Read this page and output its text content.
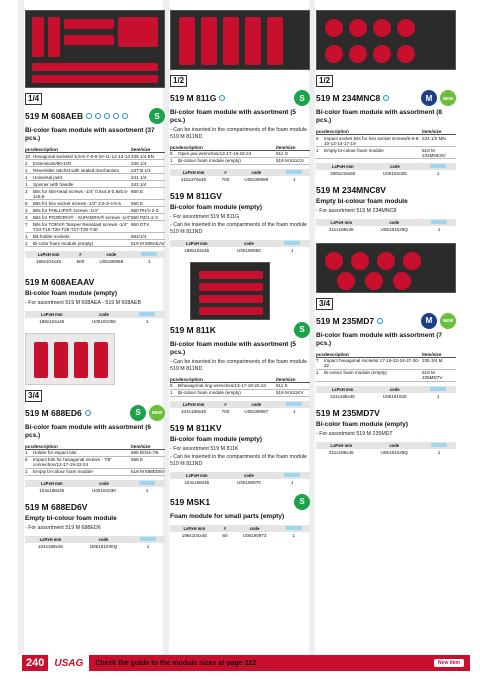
1/4
519 M 608AEB	S
Bi-color foam module with assortment (37 pcs.)
pcs	description	item/size
10	Hexagonal sockets/ 5,5-6-7-8-9-10-11-12-13-14	235 1/4 EN
2	Extensions/50-100	236 1/4
1	Reversible ratchet with sealed mechanism	237 B 1/4
1	Universal joint	241 1/4
1	Spinner with handle	243 1/4
3	Bits for slot-head screws -1/4" 0,6x4,5-0,8x5,5-1x5,5	660 E
5	Bits for hex socket screws -1/4" 2,5-3-4-5-6	660 E
3	Bits for PHILLIPS® screws -1/4"	660 PH/1-2-3
3	Bits for POZIDRIV® - SUPADRIV® screws -1/4"	660 PZ/1-2-3
7	Bits for TORX® Tamper Resistant screws -1/4" T10-T15-T20-T25-T27-T30-T40	660 DTX
1	Bit-holder sockets	684/1/4
1	Bi-color foam module (empty)	519 M 608AEAV
LxPxH mm	#	code	
188x104x45	500	U05190968	1
519 M 608AEAAV
Bi-color foam module (empty)
- For assortment 519 M 608AEA - 519 M 608AEB
LxPxH mm	code	
188x104x45	U05191050	1
3/4
519 M 688ED6	S	NEW
Bi-color foam module with assortment (6 pcs.)
pcs	description	item/size
1	Holder for impact bits	685 B/3/4-7/8
5	Impact bits for hexagonal screws - 7/8" connection/12-17-19-22-24	668 E
1	Empty bi-colour foam module	519 M 688ED6V
LxPxH mm	code	
104x188x45	U05191030	1
519 M 688ED6V
Empty bi-colour foam module
- For assortment 519 M 688ED6
LxPxH mm	code	
104x188x45	U05191030Q	1
1/2
519 M 811G	S
Bi-color foam module with assortment (5 pcs.)
- Can be inserted in the compartments of the foam module 519 M 811ND
pcs	description	item/size
5	Open jaw wrenches/13-17-19-22-24	811 G
1	Bi-colour foam module (empty)	519 M 811GV
LxPxH mm	#	code	
415x376x45	700	U05190998	1
519 M 811GV
Bi-color foam module (empty)
- For assortment 519 M 811G
- Can be inserted in the compartments of the foam module 519 M 811ND
LxPxH mm	code	
188x104x45	U05190992	1
519 M 811K	S
Bi-color foam module with assortment (5 pcs.)
- Can be inserted in the compartments of the foam module 519 M 811ND
pcs	description	item/size
5	Bihexagonal ring wrenches/13-17-19-22-24	811 K
1	Bi-colour foam module (empty)	519 M 811KV
LxPxH mm	#	code	
104x188x45	700	U05190997	1
519 M 811KV
Bi-color foam module (empty)
- For assortment 519 M 811K
- Can be inserted in the compartments of the foam module 519 M 811ND
LxPxH mm	code	
104x188x45	U05190970	1
519 MSK1	S
Foam module for small parts (empty)
LxPxH mm	#	code	
188x104x45	50	U05190973	1
1/2
519 M 234MNC8	M	NEW
Bi-color foam module with assortment (8 pcs.)
pcs	description	item/size
8	Impact socket bits for hex socket screws/5-6-8-10-12-14-17-19	234 1/2 MN
1	Empty bi-colour foam module	519 M 234MNC8V
LxPxH mm	code	
330x215x60	U05191025	1
519 M 234MNC8V
Empty bi-colour foam module
- For assortment 519 M 234MNC8
LxPxH mm	code	
311x188x45	U05191025Q	1
3/4
519 M 235MD7	M	NEW
Bi-color foam module with assortment (7 pcs.)
pcs	description	item/size
7	Impact hexagonal sockets/ 17-19-22-24-27-30-32	235 3/4 M
1	Bi-colour foam module (empty)	519 M 235MD7V
LxPxH mm	code	
311x188x45	U05191028	1
519 M 235MD7V
Bi-color foam module (empty)
- For assortment 519 M 235MD7
LxPxH mm	code	
311x188x45	U05191028Q	1
240	USAG Check the guide to the module sizes at page 222	New item
